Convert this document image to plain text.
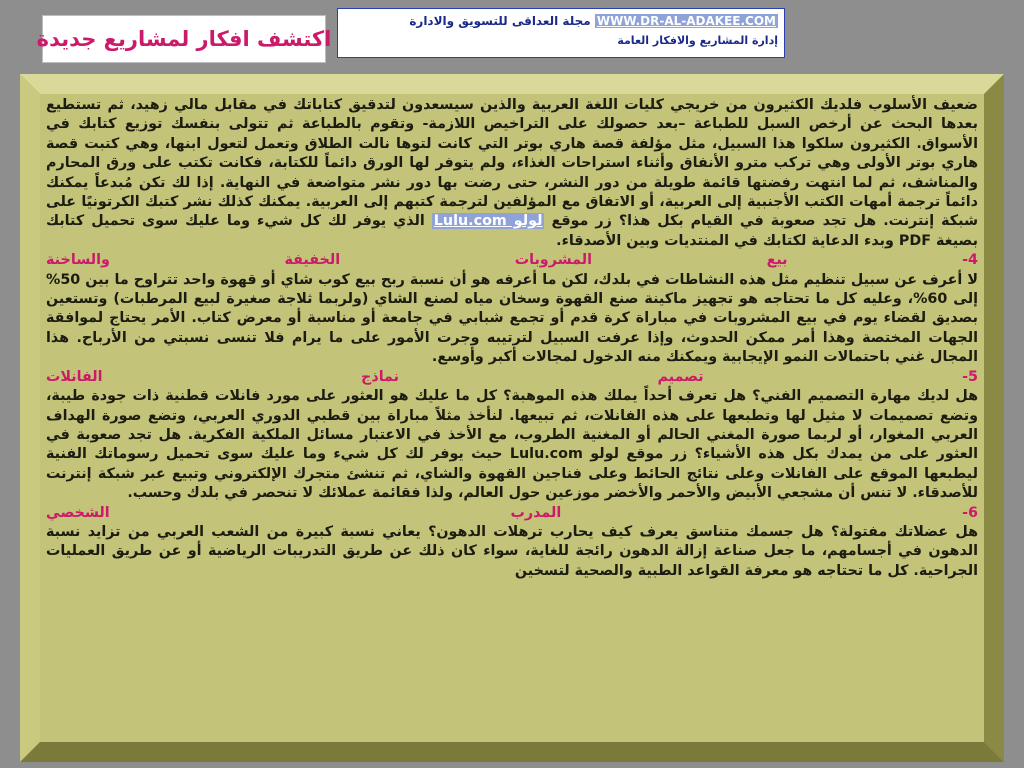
اكتشف افكار لمشاريع جديدة
WWW.DR-AL-ADAKEE.COM مجلة العداقى للتسويق والادارة
إدارة المشاريع والافكار العامة

ضعيف الأسلوب فلديك الكثيرون من خريجي كليات اللغة العربية والذين سيسعدون لتدقيق كتاباتك في مقابل مالي زهيد، ثم تستطيع بعدها البحث عن أرخص السبل للطباعة –بعد حصولك على التراخيص اللازمة- وتقوم بالطباعة ثم تتولى بنفسك توزيع كتابك في الأسواق. الكثيرون سلكوا هذا السبيل، مثل مؤلفة قصة هاري بوتر التي كانت لتوها نالت الطلاق وتعمل لتعول ابنها، وهي كتبت قصة هاري بوتر الأولى وهي تركب مترو الأنفاق وأثناء استراحات الغذاء، ولم يتوفر لها الورق دائماً للكتابة، فكانت تكتب على ورق المحارم والمناشف، ثم لما انتهت رفضتها قائمة طويلة من دور النشر، حتى رضت بها دور نشر متواضعة في النهاية. إذا لك تكن مُبدعاً يمكنك دائماً ترجمة أمهات الكتب الأجنبية إلى العربية، أو الاتفاق مع المؤلفين لترجمة كتبهم إلى العربية. يمكنك كذلك نشر كتبك الكرتونيًا على شبكة إنترنت. هل تجد صعوبة في القيام بكل هذا؟ زر موقع لولو Lulu.com الذي يوفر لك كل شيء وما عليك سوى تحميل كتابك بصيغة PDF وبدء الدعاية لكتابك في المنتديات وبين الأصدقاء.

4-
بيع
المشروبات
الخفيفة
والساخنة

لا أعرف عن سبيل تنظيم مثل هذه النشاطات في بلدك، لكن ما أعرفه هو أن نسبة ربح بيع كوب شاي أو قهوة واحد تتراوح ما بين 50% إلى 60%، وعليه كل ما تحتاجه هو تجهيز ماكينة صنع القهوة وسخان مياه لصنع الشاي (ولربما ثلاجة صغيرة لبيع المرطبات) وتستعين بصديق لقضاء يوم في بيع المشروبات في مباراة كرة قدم أو تجمع شبابي في جامعة أو مناسبة أو معرض كتاب. الأمر يحتاج لموافقة الجهات المختصة وهذا أمر ممكن الحدوث، وإذا عرفت السبيل لترتيبه وجرت الأمور على ما يرام فلا تنسى نسبتي من الأرباح. هذا المجال غني باحتمالات النمو الإيجابية ويمكنك منه الدخول لمجالات أكبر وأوسع.

5-
تصميم
نماذج
الفانلات

هل لديك مهارة التصميم الفني؟ هل تعرف أحداً يملك هذه الموهبة؟ كل ما عليك هو العثور على مورد فانلات قطنية ذات جودة طيبة، وتضع تصميمات لا مثيل لها وتطبعها على هذه الفانلات، ثم تبيعها. لنأخذ مثلاً مباراة بين قطبي الدوري العربي، وتضع صورة الهداف العربي المغوار، أو لربما صورة المغني الحالم أو المغنية الطروب، مع الأخذ في الاعتبار مسائل الملكية الفكرية. هل تجد صعوبة في العثور على من يمدك بكل هذه الأشياء؟ زر موقع لولو Lulu.com حيث يوفر لك كل شيء وما عليك سوى تحميل رسوماتك الفنية ليطبعها الموقع على الفانلات وعلى نتائج الحائط وعلى فناجين القهوة والشاي، ثم تنشئ متجرك الإلكتروني وتبيع عبر شبكة إنترنت للأصدقاء. لا تنس أن مشجعي الأبيض والأحمر والأخضر موزعين حول العالم، ولذا فقائمة عملائك لا تنحصر في بلدك وحسب.

6-
المدرب
الشخصي

هل عضلاتك مفتولة؟ هل جسمك متناسق يعرف كيف يحارب ترهلات الدهون؟ يعاني نسبة كبيرة من الشعب العربي من تزايد نسبة الدهون في أجسامهم، ما جعل صناعة إزالة الدهون رائجة للغاية، سواء كان ذلك عن طريق التدريبات الرياضية أو عن طريق العمليات الجراحية. كل ما تحتاجه هو معرفة القواعد الطبية والصحية لتسخين
